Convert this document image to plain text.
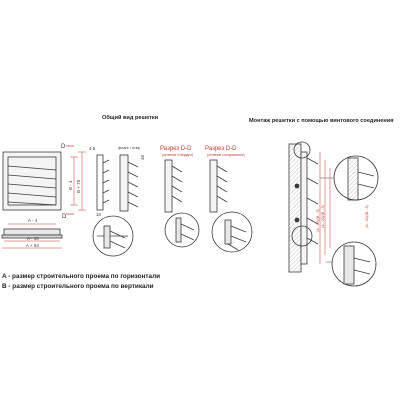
D
D
B - 4 B + 78
A - 4
A - 18
A + 64
4.5
10
фланг / отвр
46
Разрез D-D
(сечение стандарт)
Разрез D-D
(сечение специальное)
(A - 20)/(B - 5) (A - 20)/(B - 5)	(A - 20)/(B - 5)
Общий вид решетки	Монтаж решетки с помощью винтового соединения
A - размер строительного проема по горизонтали
B - размер строительного проема по вертикали
